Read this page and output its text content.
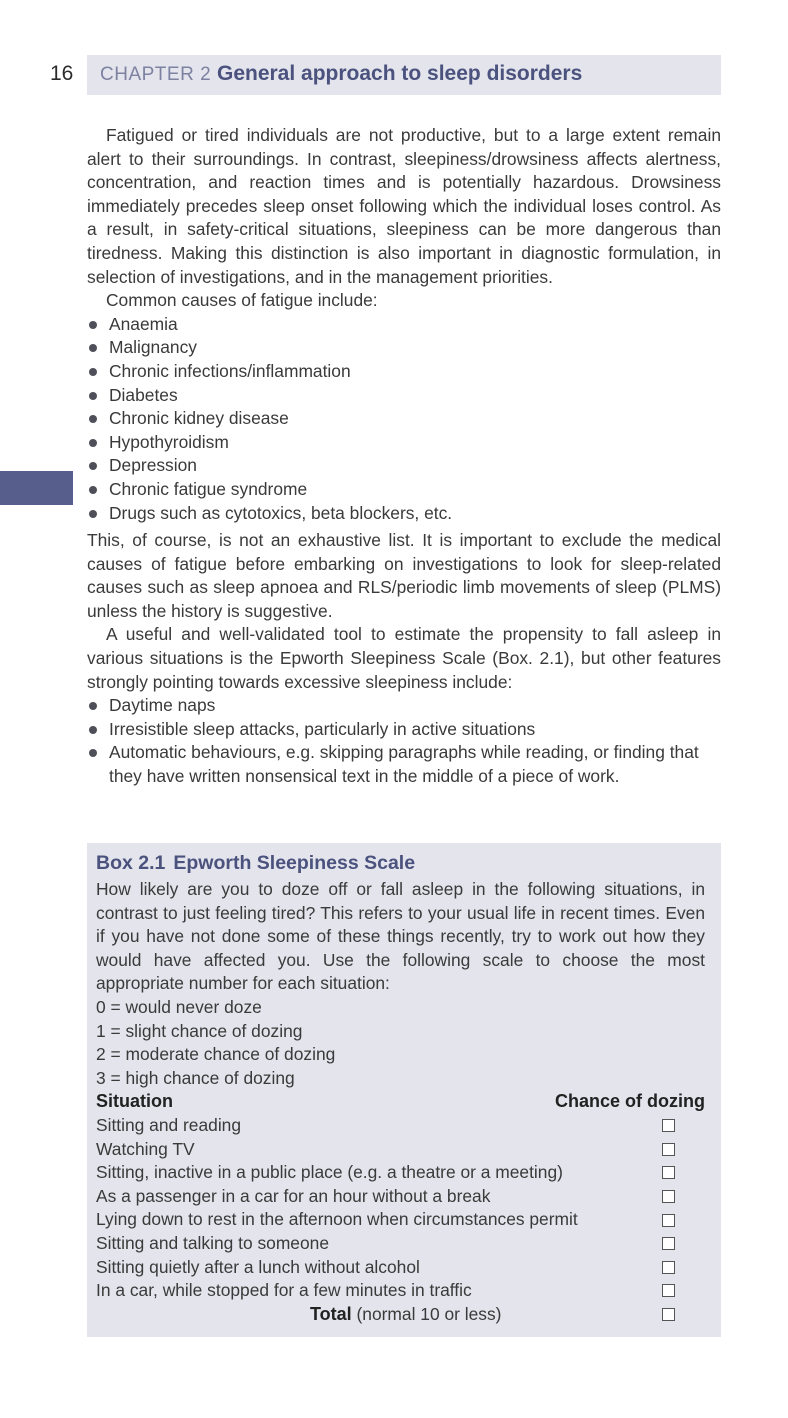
16 CHAPTER 2 General approach to sleep disorders

Fatigued or tired individuals are not productive, but to a large extent remain alert to their surroundings. In contrast, sleepiness/drowsiness affects alertness, concentration, and reaction times and is potentially hazardous. Drowsiness immediately precedes sleep onset following which the individual loses control. As a result, in safety-critical situations, sleepiness can be more dangerous than tiredness. Making this distinction is also important in diagnostic formulation, in selection of investigations, and in the management priorities.

Common causes of fatigue include:

Anaemia
Malignancy
Chronic infections/inflammation
Diabetes
Chronic kidney disease
Hypothyroidism
Depression
Chronic fatigue syndrome
Drugs such as cytotoxics, beta blockers, etc.

This, of course, is not an exhaustive list. It is important to exclude the medical causes of fatigue before embarking on investigations to look for sleep-related causes such as sleep apnoea and RLS/periodic limb movements of sleep (PLMS) unless the history is suggestive.

A useful and well-validated tool to estimate the propensity to fall asleep in various situations is the Epworth Sleepiness Scale (Box. 2.1), but other features strongly pointing towards excessive sleepiness include:

Daytime naps
Irresistible sleep attacks, particularly in active situations
Automatic behaviours, e.g. skipping paragraphs while reading, or finding that they have written nonsensical text in the middle of a piece of work.
Box 2.1 Epworth Sleepiness Scale

How likely are you to doze off or fall asleep in the following situations, in contrast to just feeling tired? This refers to your usual life in recent times. Even if you have not done some of these things recently, try to work out how they would have affected you. Use the following scale to choose the most appropriate number for each situation:

0 = would never doze
1 = slight chance of dozing
2 = moderate chance of dozing
3 = high chance of dozing
Situation	Chance of dozing
Sitting and reading
Watching TV
Sitting, inactive in a public place (e.g. a theatre or a meeting)
As a passenger in a car for an hour without a break
Lying down to rest in the afternoon when circumstances permit
Sitting and talking to someone
Sitting quietly after a lunch without alcohol
In a car, while stopped for a few minutes in traffic
Total (normal 10 or less)
